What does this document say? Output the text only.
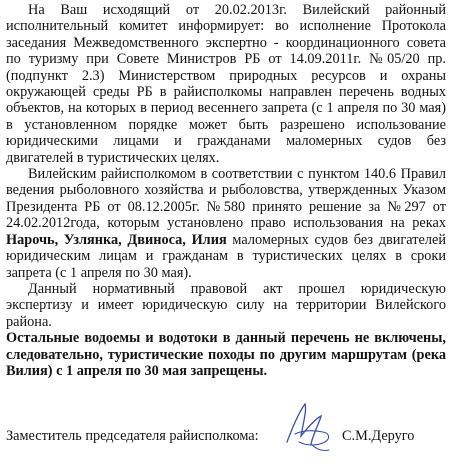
На Ваш исходящий от 20.02.2013г. Вилейский районный исполнительный комитет информирует: во исполнение Протокола заседания Межведомственного экспертно - координационного совета по туризму при Совете Министров РБ от 14.09.2011г. №05/20 пр. (подпункт 2.3) Министерством природных ресурсов и охраны окружающей среды РБ в райисполкомы направлен перечень водных объектов, на которых в период весеннего запрета (с 1 апреля по 30 мая) в установленном порядке может быть разрешено использование юридическими лицами и гражданами маломерных судов без двигателей в туристических целях.

Вилейским райисполкомом в соответствии с пунктом 140.6 Правил ведения рыболовного хозяйства и рыболовства, утвержденных Указом Президента РБ от 08.12.2005г. №580 принято решение за №297 от 24.02.2012года, которым установлено право использования на реках Нарочь, Узлянка, Двиноса, Илия маломерных судов без двигателей юридическим лицам и гражданам в туристических целях в сроки запрета (с 1 апреля по 30 мая).

Данный нормативный правовой акт прошел юридическую экспертизу и имеет юридическую силу на территории Вилейского района.

Остальные водоемы и водотоки в данный перечень не включены, следовательно, туристические походы по другим маршрутам (река Вилия) с 1 апреля по 30 мая запрещены.

Заместитель председателя райисполкома:	С.М.Деруго
